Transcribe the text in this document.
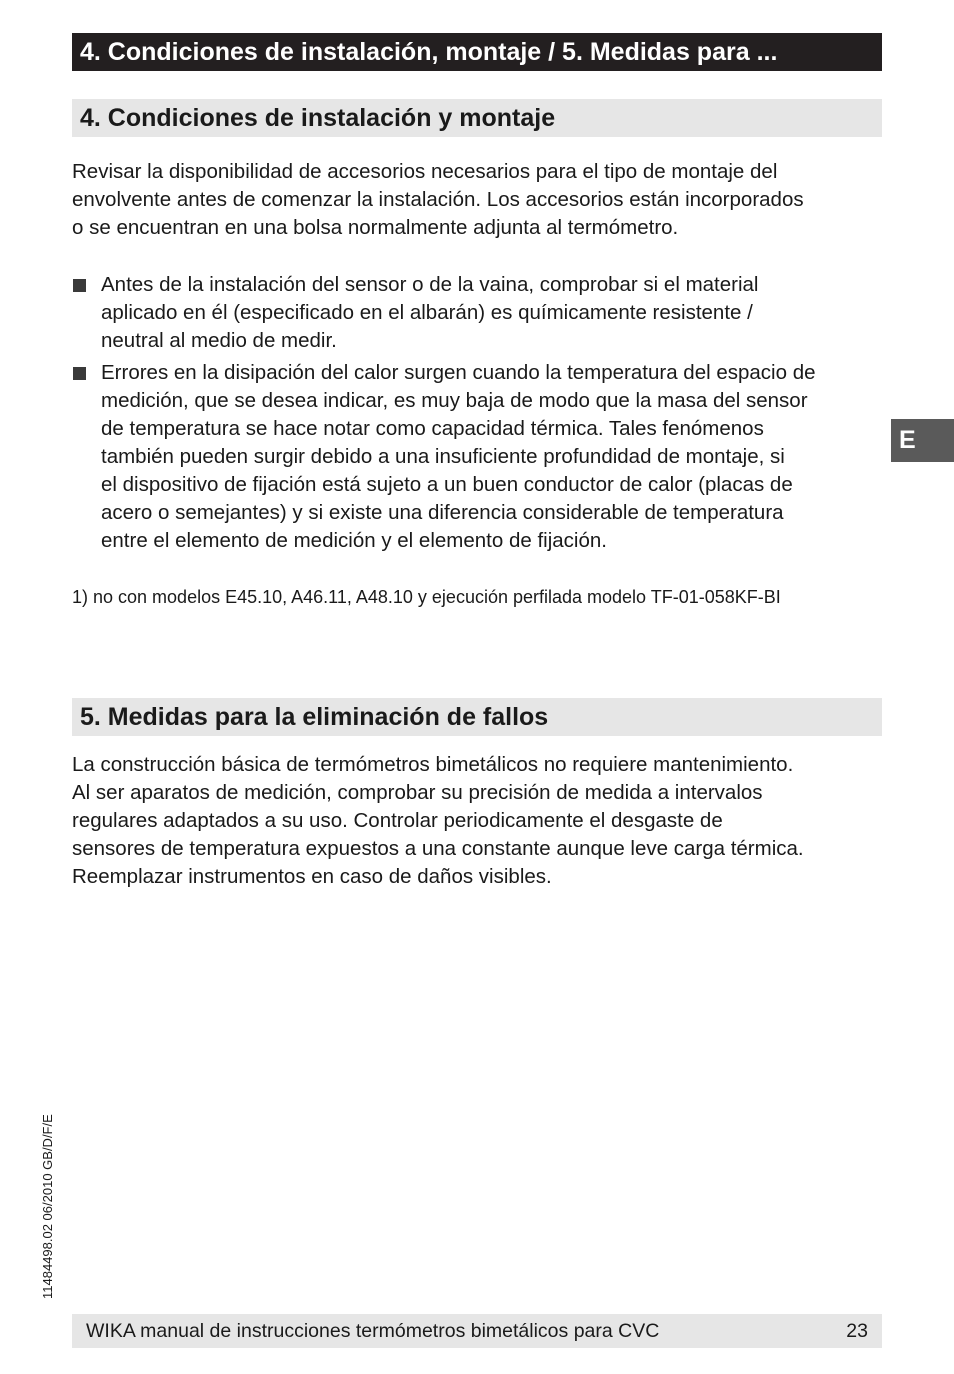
4. Condiciones de instalación, montaje / 5. Medidas para ...
4. Condiciones de instalación y montaje
Revisar la disponibilidad de accesorios necesarios para el tipo de montaje del
envolvente antes de comenzar la instalación. Los accesorios están incorporados
o se encuentran en una bolsa normalmente adjunta al termómetro.
Antes de la instalación del sensor o de la vaina, comprobar si el material
aplicado en él (especificado en el albarán) es químicamente resistente /
neutral al medio de medir.
Errores en la disipación del calor surgen cuando la temperatura del espacio de
medición, que se desea indicar, es muy baja de modo que la masa del sensor
de temperatura se hace notar como capacidad térmica. Tales fenómenos
también pueden surgir debido a una insuficiente profundidad de montaje, si
el dispositivo de fijación está sujeto a un buen conductor de calor (placas de
acero o semejantes) y si existe una diferencia considerable de temperatura
entre el elemento de medición y el elemento de fijación.
1) no con modelos E45.10, A46.11, A48.10 y ejecución perfilada modelo TF-01-058KF-BI
E
5. Medidas para la eliminación de fallos
La construcción básica de termómetros bimetálicos no requiere mantenimiento.
Al ser aparatos de medición, comprobar su precisión de medida a intervalos
regulares adaptados a su uso. Controlar periodicamente el desgaste de
sensores de temperatura expuestos a una constante aunque leve carga térmica.
Reemplazar instrumentos en caso de daños visibles.
11484498.02 06/2010 GB/D/F/E
WIKA manual de instrucciones termómetros bimetálicos para CVC	23
